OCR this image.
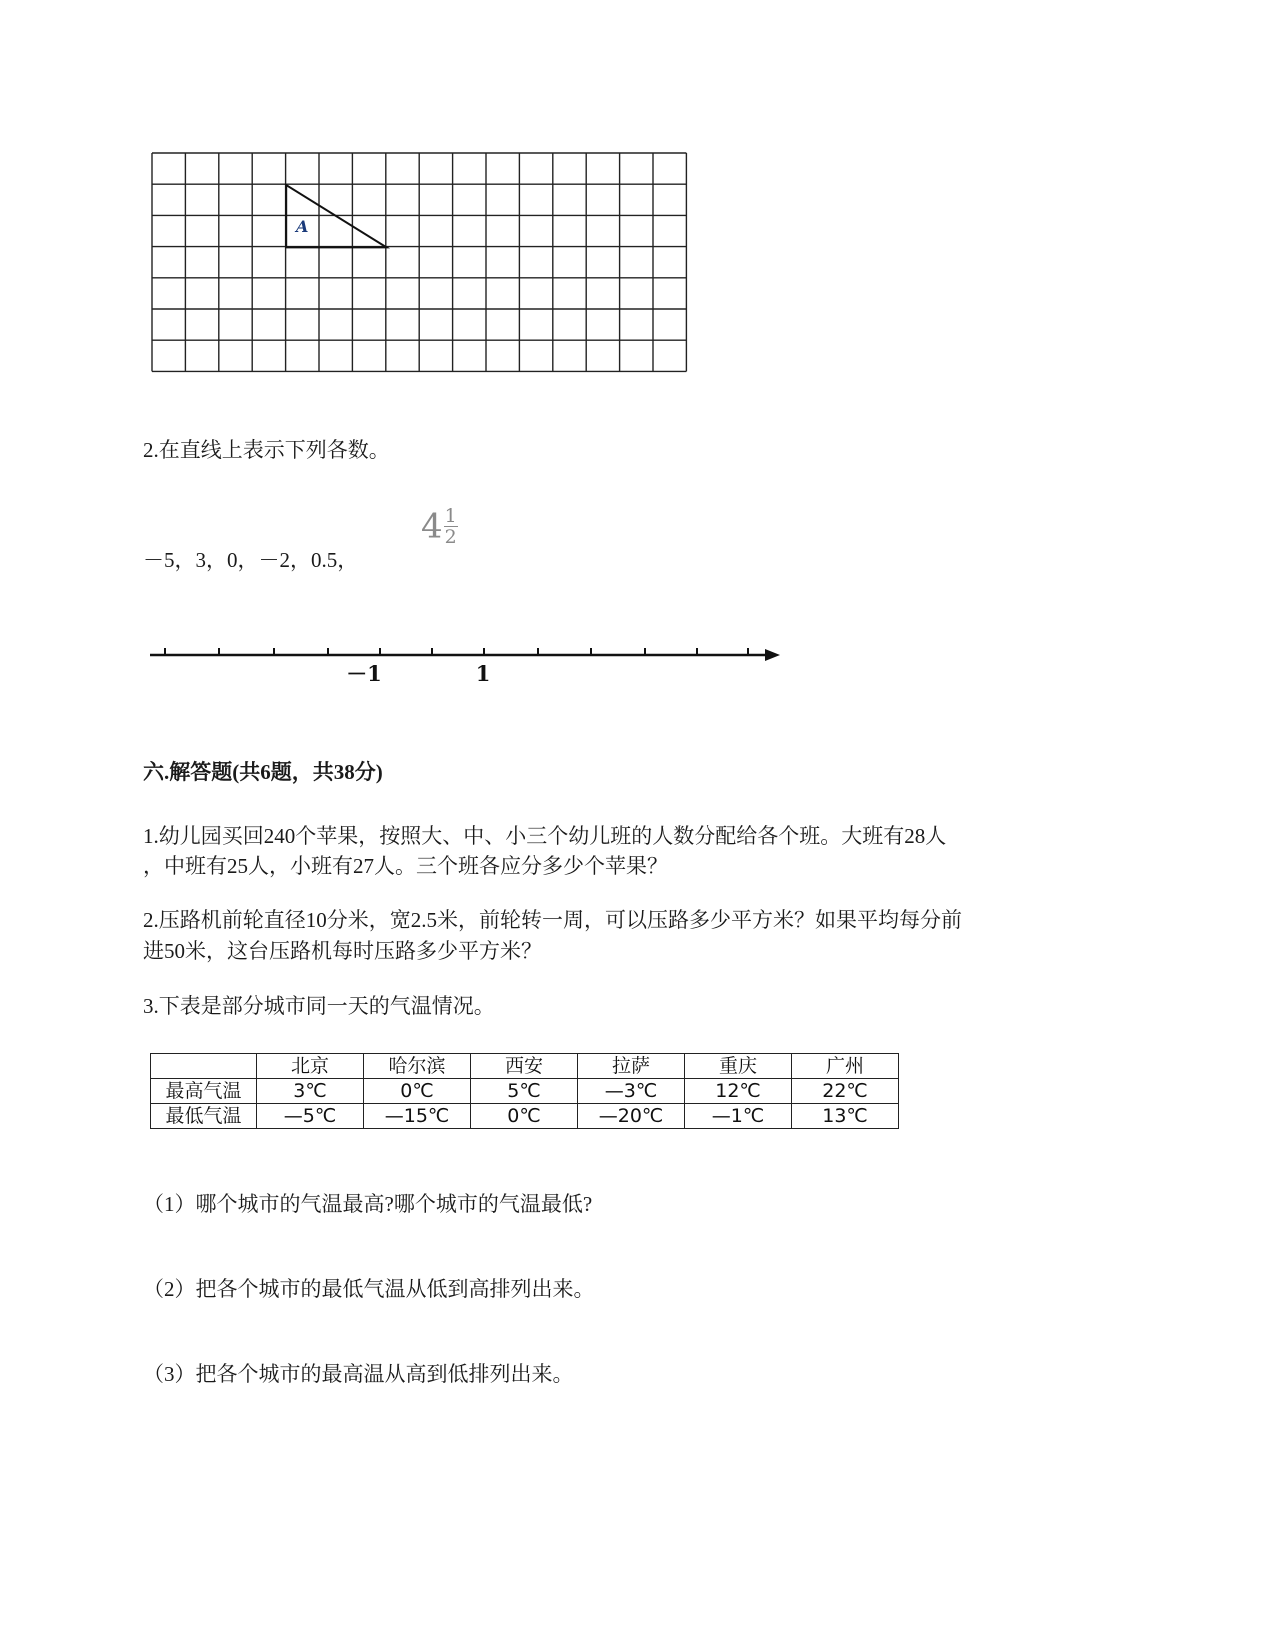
A
2.在直线上表示下列各数。
－5，3，0，－2，0.5，
$4 \frac{1}{2}$
－1	1
六.解答题(共6题，共38分)
1.幼儿园买回240个苹果，按照大、中、小三个幼儿班的人数分配给各个班。大班有28人
，中班有25人，小班有27人。三个班各应分多少个苹果？
2.压路机前轮直径10分米，宽2.5米，前轮转一周，可以压路多少平方米？如果平均每分前
进50米，这台压路机每时压路多少平方米？
3.下表是部分城市同一天的气温情况。
	北京	哈尔滨	西安	拉萨	重庆	广州
最高气温	3℃	0℃	5℃	—3℃	12℃	22℃
最低气温	—5℃	—15℃	0℃	—20℃	—1℃	13℃
（1）哪个城市的气温最高?哪个城市的气温最低?
（2）把各个城市的最低气温从低到高排列出来。
（3）把各个城市的最高温从高到低排列出来。
